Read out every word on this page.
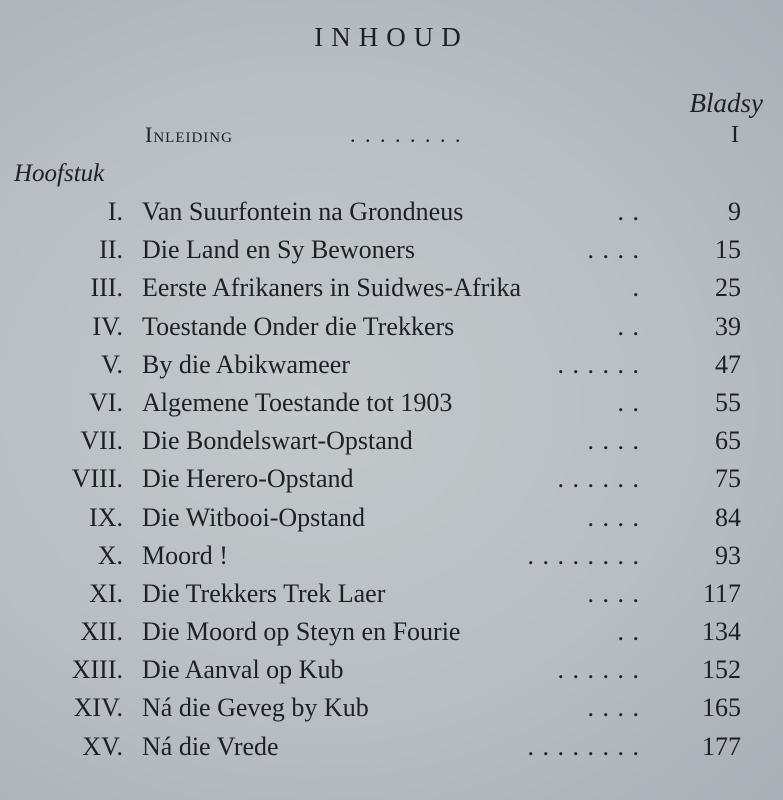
INHOUD
Bladsy
Inleiding	. . . . . . . .	I
Hoofstuk
I. Van Suurfontein na Grondneus	. .	9
II. Die Land en Sy Bewoners	. . . .	15
III. Eerste Afrikaners in Suidwes-Afrika	.	25
IV. Toestande Onder die Trekkers	. .	39
V. By die Abikwameer	. . . . . .	47
VI. Algemene Toestande tot 1903	. .	55
VII. Die Bondelswart-Opstand	. . . .	65
VIII. Die Herero-Opstand	. . . . . .	75
IX. Die Witbooi-Opstand	. . . .	84
X. Moord !	. . . . . . . .	93
XI. Die Trekkers Trek Laer	. . . . 117
XII. Die Moord op Steyn en Fourie	. . 134
XIII. Die Aanval op Kub	. . . . . . 152
XIV. Ná die Geveg by Kub	. . . . 165
XV. Ná die Vrede	. . . . . . . . 177
